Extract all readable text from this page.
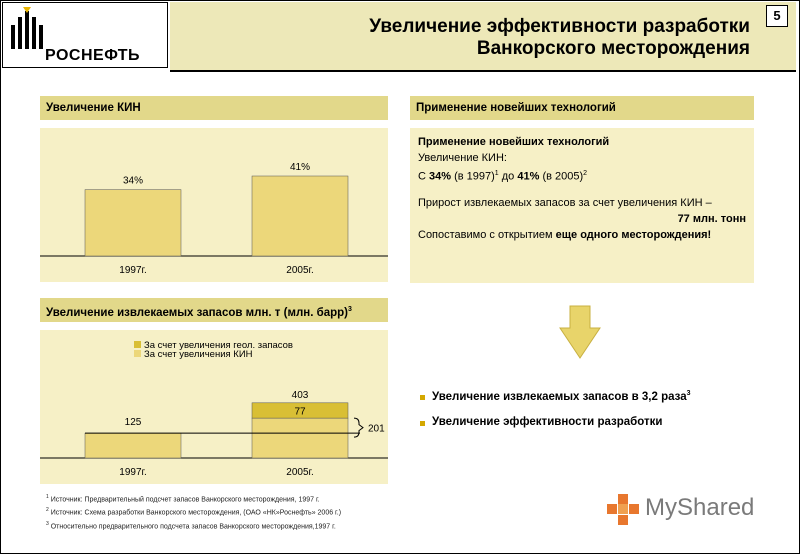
РОСНЕФТЬ
Увеличение эффективности разработки
Ванкорского месторождения
5
Увеличение КИН
34%
41%
1997г.	2005г.
Применение новейших технологий
Применение новейших технологий
Увеличение КИН:
С 34% (в 1997)$^1$ до 41% (в 2005)$^2$
Прирост извлекаемых запасов за счет увеличения КИН –
77 млн. тонн
Сопоставимо с открытием еще одного месторождения!
Увеличение извлекаемых запасов млн. т (млн. барр)$^3$
За счет увеличения геол. запасов
За счет увеличения КИН
125
403
77
201
1997г.	2005г.
Увеличение извлекаемых запасов в 3,2 раза$^3$
Увеличение эффективности разработки
$^1$ Источник: Предварительный подсчет запасов Ванкорского месторождения, 1997 г.
$^2$ Источник: Схема разработки Ванкорского месторождения, (ОАО «НК»Роснефть» 2006 г.)
$^3$ Относительно предварительного подсчета запасов Ванкорского месторождения,1997 г.
MyShared
